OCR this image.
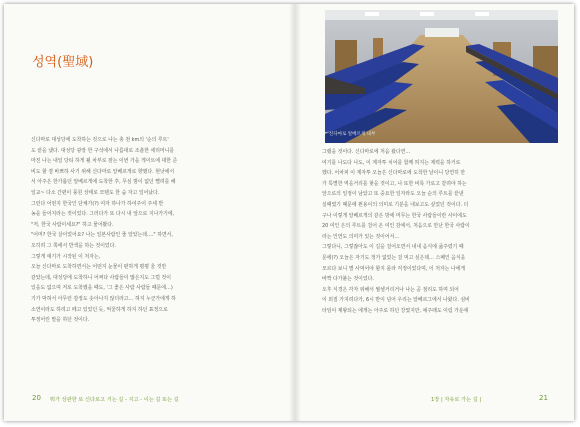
성역(聖域)

신다마로 대성당에 도착하는 것으로 나는 총 천 km의 '순의 루트'

도 끝을 냈다. 대성당 광장 한 구석에서 나름대로 조촐한 세리머니를

마친 나는 내일 당티 하게 될 차부로 잠는 이번 가을 게이트에 대한 준

비도 할 겸 바쁘하 사기 위해 신다마로 알베르게로 향했다. 현낫에서

서 아주은 한가롭던 알베르게에 도착한 후, 무심 밤이 없던 뻘려를 해

일교~ 다소 간편이 풍원 상태로 모텐도 한 숨 자고 일어났다.

그런다 어떤지 한국인 단체가(?) 여자 하나가 하여주어 주세 반

농을 들어지라는 것이었다. 그러다가 또 다시 내 앞으로 지나가기에,

"저, 한국 사람이세요?" 하고 물어봤다.

"어머? 한국 살이었어요? 나는 일본사람인 줄 알았는데…." 하면서,

오히려 그 쪽에서 반색을 하는 것이었다.

그렇게 얘기가 시작된 이 처자는,

오늘 신다마로 도착하면서는 어떤지 눈물이 편하게 평평 울 것만

같았는데, 대성당에 도착하니 어쩌다 사람들이 많은지도 그럴 것이

있을도 없으며 저로 도착했을 때도, '그 좋은 사람 사람들 때문에…)

기가 막혀서 아무런 감정도 솟아나지 않더라고… 혀지 누군가에게 하

소연이라도 하려고 떼고 있었던 듯, 억울하게 하지 하던 표정으로

투정어린 말을 하던 것이다.

20 뭐가 상관한 또 신다로고 거는 길 - 지고 - 이는 길 또는 길
신다마로 알베르게 내부

그랬을 것이다. 신다마로에 처음 왔다면…

여기를 나도다 나도, 이 계자투 치어를 함께 띄지는 제력을 하거로

했다. 어차피 이 계자투 오늘은 신다마로에 도착한 날이니 당연히 만

가 특별한 역을거리를 찾을 것이고, 나 또한 비록 가로고 갈려야 하는

앞으로의 일정이 남았고 또 중요한 일자라도 오늘 순의 루트를 끝낸

실때였기 때문에 뭔용이의 의미로 기분을 내보고도 싶었던 것이다. 더

구나 이렇게 알베르게의 같은 방에 머무는 한국 사람들이란 사이에도

20 여인 은의 루트를 걸어 온 여인 감에서, 처음으로 만난 한국 사람이

라는 인연도 의미가 있는 것이어서…

그렇다니, 그렇잖아도 이 길을 걸어오면서 내내 음식에 굶주렸기 때

문에(?) 오늘은 자기도 정가 없었는 걸 먹고 싶은데… 스페인 음식을

모르다 보니 별 사먹어야 할지 몰라 걱정이었다며, 이 처자는 나에게

바짝 다가붙는 것이었다.

오후 식경은 각자 위해서 뭘셀거리거나 나는 곧 점리도 하며 되어

이 외질 가지려다가, 6시 반이 넘어 우리는 알베르그에서 나왔다. 심비

타임이 제왕되는 에게는 아주로 하던 강였지만, 예주래도 이럼 가운에

1장 | 자유로 가는 길 |	21
